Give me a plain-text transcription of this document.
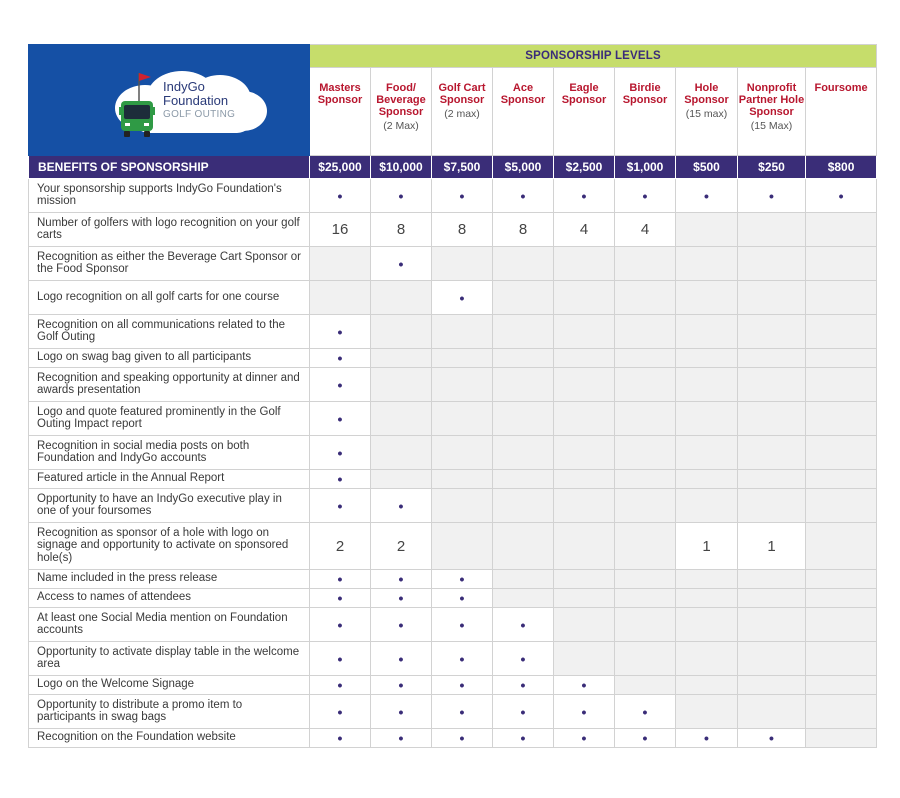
IndyGo
Foundation
GOLF OUTING	SPONSORSHIP LEVELS								

	Masters Sponsor	Food/ Beverage Sponsor
(2 Max)	Golf Cart Sponsor
(2 max)	Ace Sponsor	Eagle Sponsor	Birdie Sponsor	Hole Sponsor
(15 max)	Nonprofit Partner Hole Sponsor
(15 Max)	Foursome

BENEFITS OF SPONSORSHIP	$25,000	$10,000	$7,500	$5,000	$2,500	$1,000	$500	$250	$800
Your sponsorship supports IndyGo Foundation's mission	•	•	•	•	•	•	•	•	•
Number of golfers with logo recognition on your golf carts	16	8	8	8	4	4			
Recognition as either the Beverage Cart Sponsor or the Food Sponsor		•							
Logo recognition on all golf carts for one course			•						
Recognition on all communications related to the Golf Outing	•								
Logo on swag bag given to all participants	•								
Recognition and speaking opportunity at dinner and awards presentation	•								
Logo and quote featured prominently in the Golf Outing Impact report	•								
Recognition in social media posts on both Foundation and IndyGo accounts	•								
Featured article in the Annual Report	•								
Opportunity to have an IndyGo executive play in one of your foursomes	•	•							
Recognition as sponsor of a hole with logo on signage and opportunity to activate on sponsored hole(s)	2	2					1	1	
Name included in the press release	•	•	•						
Access to names of attendees	•	•	•						
At least one Social Media mention on Foundation accounts	•	•	•	•					
Opportunity to activate display table in the welcome area	•	•	•	•					
Logo on the Welcome Signage	•	•	•	•	•				
Opportunity to distribute a promo item to participants in swag bags	•	•	•	•	•	•			
Recognition on the Foundation website	•	•	•	•	•	•	•	•	
